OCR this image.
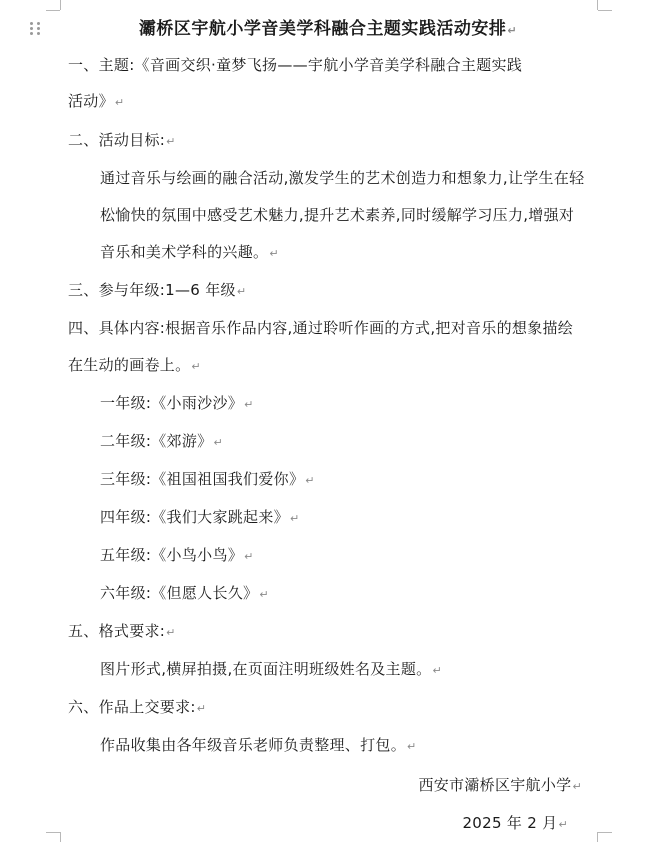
灞桥区宇航小学音美学科融合主题实践活动安排↵

一、主题:《音画交织·童梦飞扬——宇航小学音美学科融合主题实践

活动》↵

二、活动目标:↵

通过音乐与绘画的融合活动,激发学生的艺术创造力和想象力,让学生在轻松愉快的氛围中感受艺术魅力,提升艺术素养,同时缓解学习压力,增强对音乐和美术学科的兴趣。↵

三、参与年级:1—6 年级↵

四、具体内容:根据音乐作品内容,通过聆听作画的方式,把对音乐的想象描绘在生动的画卷上。↵

一年级:《小雨沙沙》↵

二年级:《郊游》↵

三年级:《祖国祖国我们爱你》↵

四年级:《我们大家跳起来》↵

五年级:《小鸟小鸟》↵

六年级:《但愿人长久》↵

五、格式要求:↵

图片形式,横屏拍摄,在页面注明班级姓名及主题。↵

六、作品上交要求:↵

作品收集由各年级音乐老师负责整理、打包。↵

西安市灞桥区宇航小学↵

2025 年 2 月↵
